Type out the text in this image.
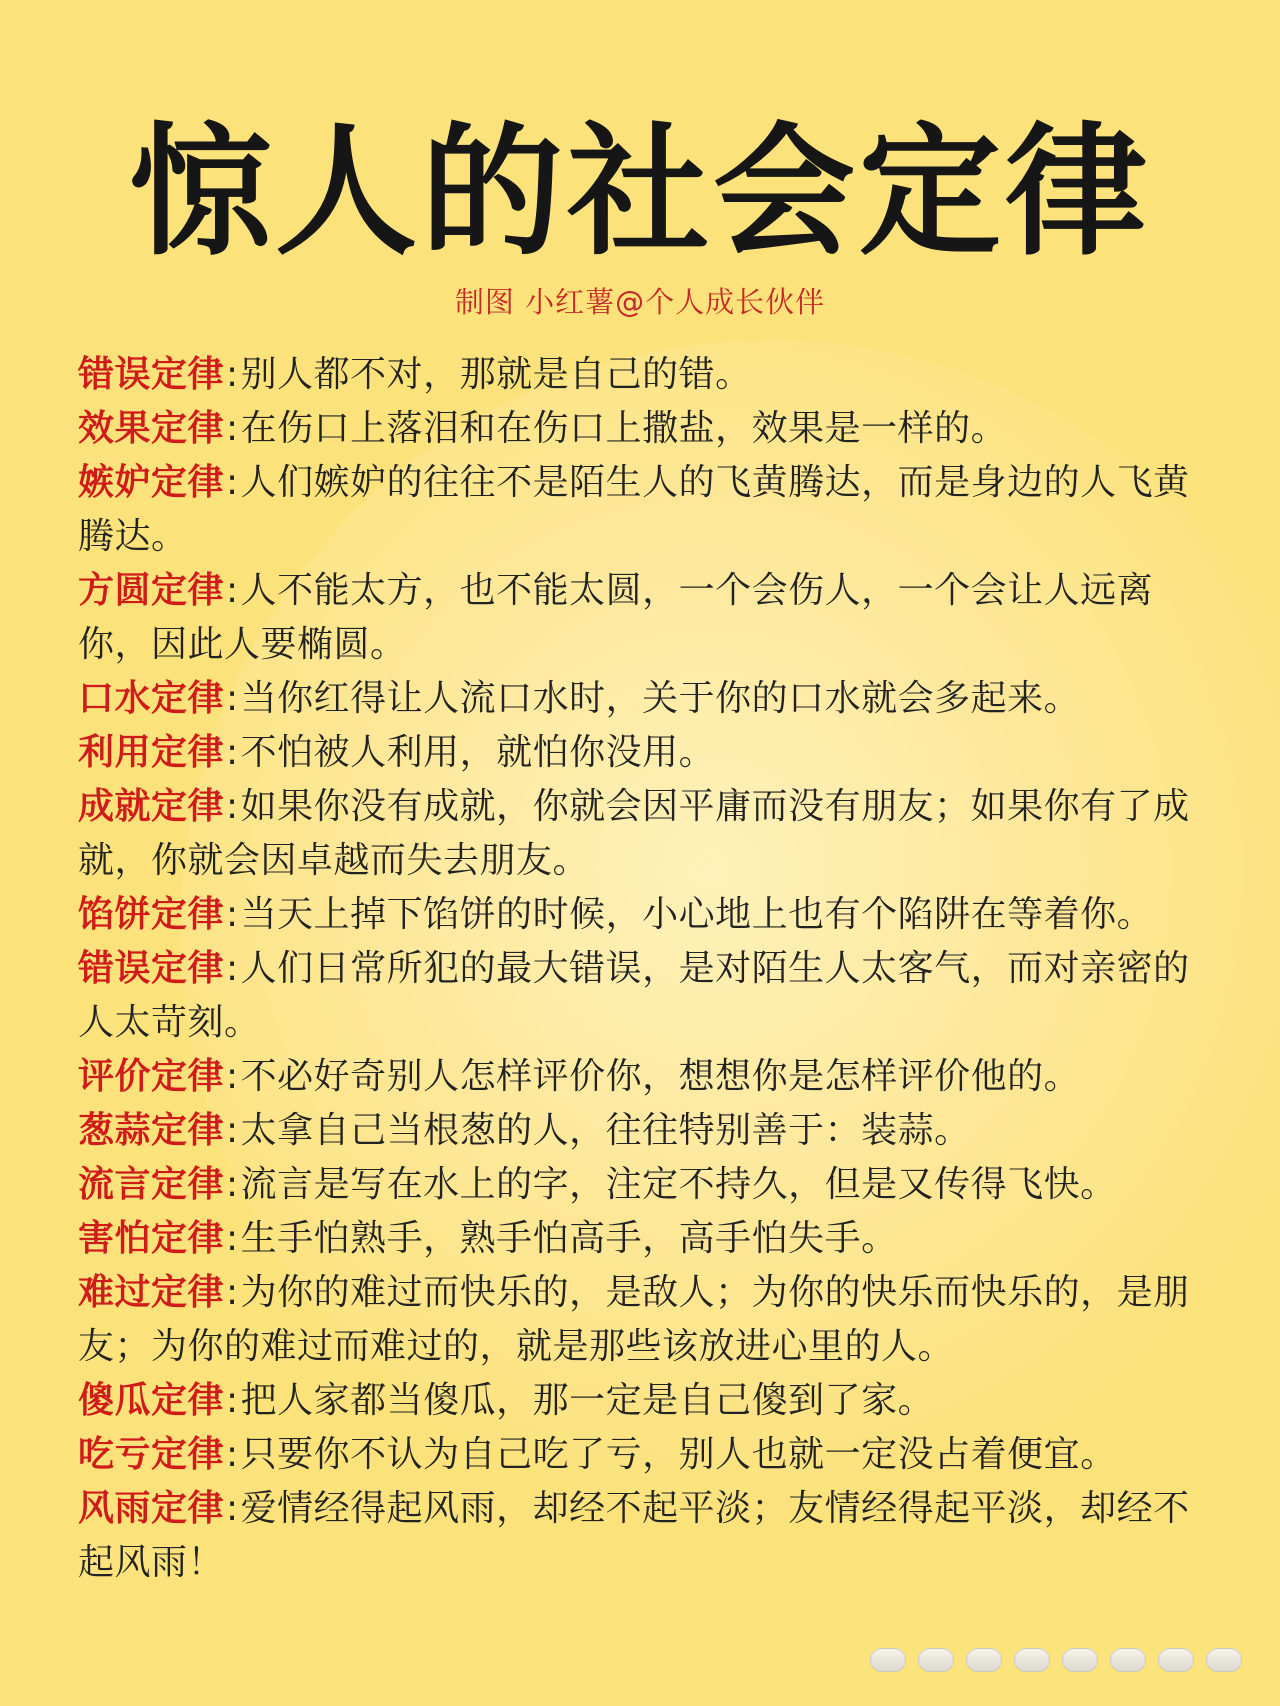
惊人的社会定律
制图 小红薯@个人成长伙伴
错误定律:别人都不对，那就是自己的错。
效果定律:在伤口上落泪和在伤口上撒盐，效果是一样的。
嫉妒定律:人们嫉妒的往往不是陌生人的飞黄腾达，而是身边的人飞黄腾达。
方圆定律:人不能太方，也不能太圆，一个会伤人，一个会让人远离你，因此人要椭圆。
口水定律:当你红得让人流口水时，关于你的口水就会多起来。
利用定律:不怕被人利用，就怕你没用。
成就定律:如果你没有成就，你就会因平庸而没有朋友；如果你有了成就，你就会因卓越而失去朋友。
馅饼定律:当天上掉下馅饼的时候，小心地上也有个陷阱在等着你。
错误定律:人们日常所犯的最大错误，是对陌生人太客气，而对亲密的人太苛刻。
评价定律:不必好奇别人怎样评价你，想想你是怎样评价他的。
葱蒜定律:太拿自己当根葱的人，往往特别善于：装蒜。
流言定律:流言是写在水上的字，注定不持久，但是又传得飞快。
害怕定律:生手怕熟手，熟手怕高手，高手怕失手。
难过定律:为你的难过而快乐的，是敌人；为你的快乐而快乐的，是朋友；为你的难过而难过的，就是那些该放进心里的人。
傻瓜定律:把人家都当傻瓜，那一定是自己傻到了家。
吃亏定律:只要你不认为自己吃了亏，别人也就一定没占着便宜。
风雨定律:爱情经得起风雨，却经不起平淡；友情经得起平淡，却经不起风雨！
